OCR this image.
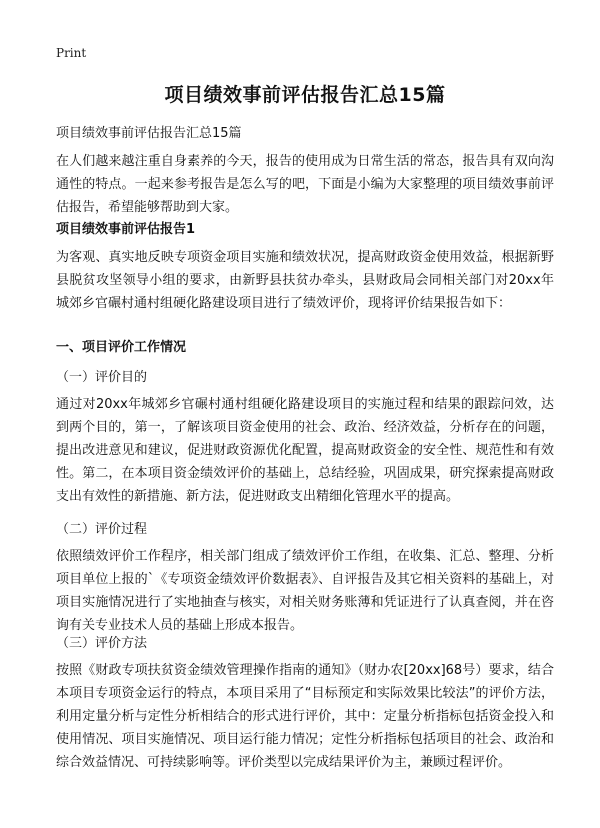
Print
项目绩效事前评估报告汇总15篇
项目绩效事前评估报告汇总15篇
在人们越来越注重自身素养的今天，报告的使用成为日常生活的常态，报告具有双向沟通性的特点。一起来参考报告是怎么写的吧，下面是小编为大家整理的项目绩效事前评估报告，希望能够帮助到大家。
项目绩效事前评估报告1
为客观、真实地反映专项资金项目实施和绩效状况，提高财政资金使用效益，根据新野县脱贫攻坚领导小组的要求，由新野县扶贫办牵头，县财政局会同相关部门对20xx年城郊乡官碾村通村组硬化路建设项目进行了绩效评价，现将评价结果报告如下：
一、项目评价工作情况
（一）评价目的
通过对20xx年城郊乡官碾村通村组硬化路建设项目的实施过程和结果的跟踪问效，达到两个目的，第一，了解该项目资金使用的社会、政治、经济效益，分析存在的问题，提出改进意见和建议，促进财政资源优化配置，提高财政资金的安全性、规范性和有效性。第二，在本项目资金绩效评价的基础上，总结经验，巩固成果，研究探索提高财政支出有效性的新措施、新方法，促进财政支出精细化管理水平的提高。
（二）评价过程
依照绩效评价工作程序，相关部门组成了绩效评价工作组，在收集、汇总、整理、分析项目单位上报的`《专项资金绩效评价数据表》、自评报告及其它相关资料的基础上，对项目实施情况进行了实地抽查与核实，对相关财务账薄和凭证进行了认真查阅，并在咨询有关专业技术人员的基础上形成本报告。
（三）评价方法
按照《财政专项扶贫资金绩效管理操作指南的通知》（财办农[20xx]68号）要求，结合本项目专项资金运行的特点，本项目采用了“目标预定和实际效果比较法”的评价方法，利用定量分析与定性分析相结合的形式进行评价，其中：定量分析指标包括资金投入和使用情况、项目实施情况、项目运行能力情况；定性分析指标包括项目的社会、政治和综合效益情况、可持续影响等。评价类型以完成结果评价为主，兼顾过程评价。
